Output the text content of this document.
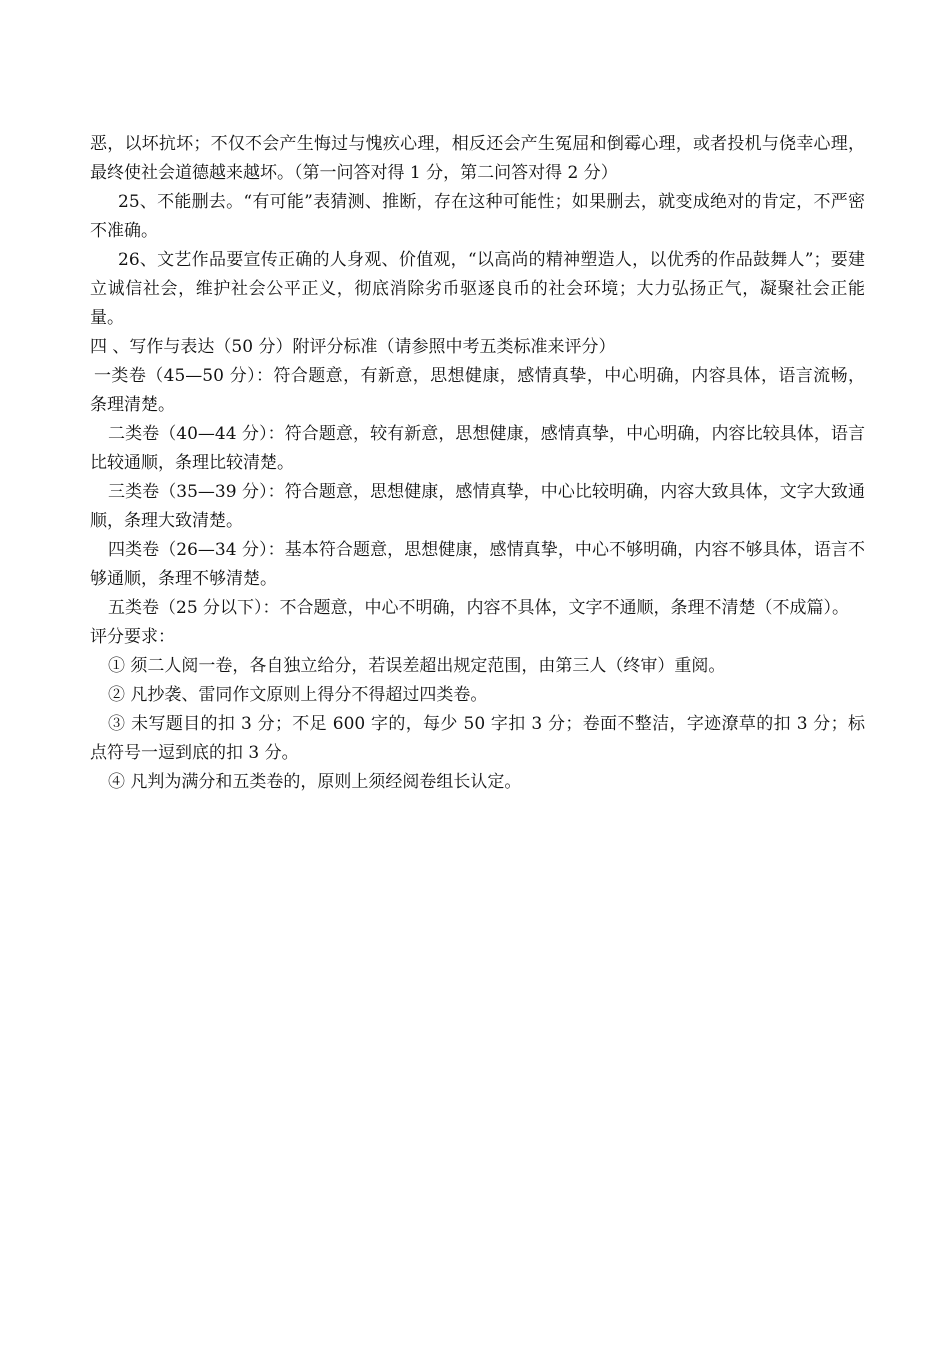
恶，以坏抗坏；不仅不会产生悔过与愧疚心理，相反还会产生冤屈和倒霉心理，或者投机与侥幸心理，最终使社会道德越来越坏。（第一问答对得 1 分，第二问答对得 2 分）

25、不能删去。“有可能”表猜测、推断，存在这种可能性；如果删去，就变成绝对的肯定，不严密不准确。

26、文艺作品要宣传正确的人身观、价值观，“以高尚的精神塑造人，以优秀的作品鼓舞人”；要建立诚信社会，维护社会公平正义，彻底消除劣币驱逐良币的社会环境；大力弘扬正气，凝聚社会正能量。

四 、写作与表达（50 分）附评分标准（请参照中考五类标准来评分）

一类卷（45—50 分）：符合题意，有新意，思想健康，感情真挚，中心明确，内容具体，语言流畅，条理清楚。

二类卷（40—44 分）：符合题意，较有新意，思想健康，感情真挚，中心明确，内容比较具体，语言比较通顺，条理比较清楚。

三类卷（35—39 分）：符合题意，思想健康，感情真挚，中心比较明确，内容大致具体，文字大致通顺，条理大致清楚。

四类卷（26—34 分）：基本符合题意，思想健康，感情真挚，中心不够明确，内容不够具体，语言不够通顺，条理不够清楚。

五类卷（25 分以下）：不合题意，中心不明确，内容不具体，文字不通顺，条理不清楚（不成篇）。

评分要求：

① 须二人阅一卷，各自独立给分，若误差超出规定范围，由第三人（终审）重阅。

② 凡抄袭、雷同作文原则上得分不得超过四类卷。

③ 未写题目的扣 3 分；不足 600 字的，每少 50 字扣 3 分；卷面不整洁，字迹潦草的扣 3 分；标点符号一逗到底的扣 3 分。

④ 凡判为满分和五类卷的，原则上须经阅卷组长认定。
